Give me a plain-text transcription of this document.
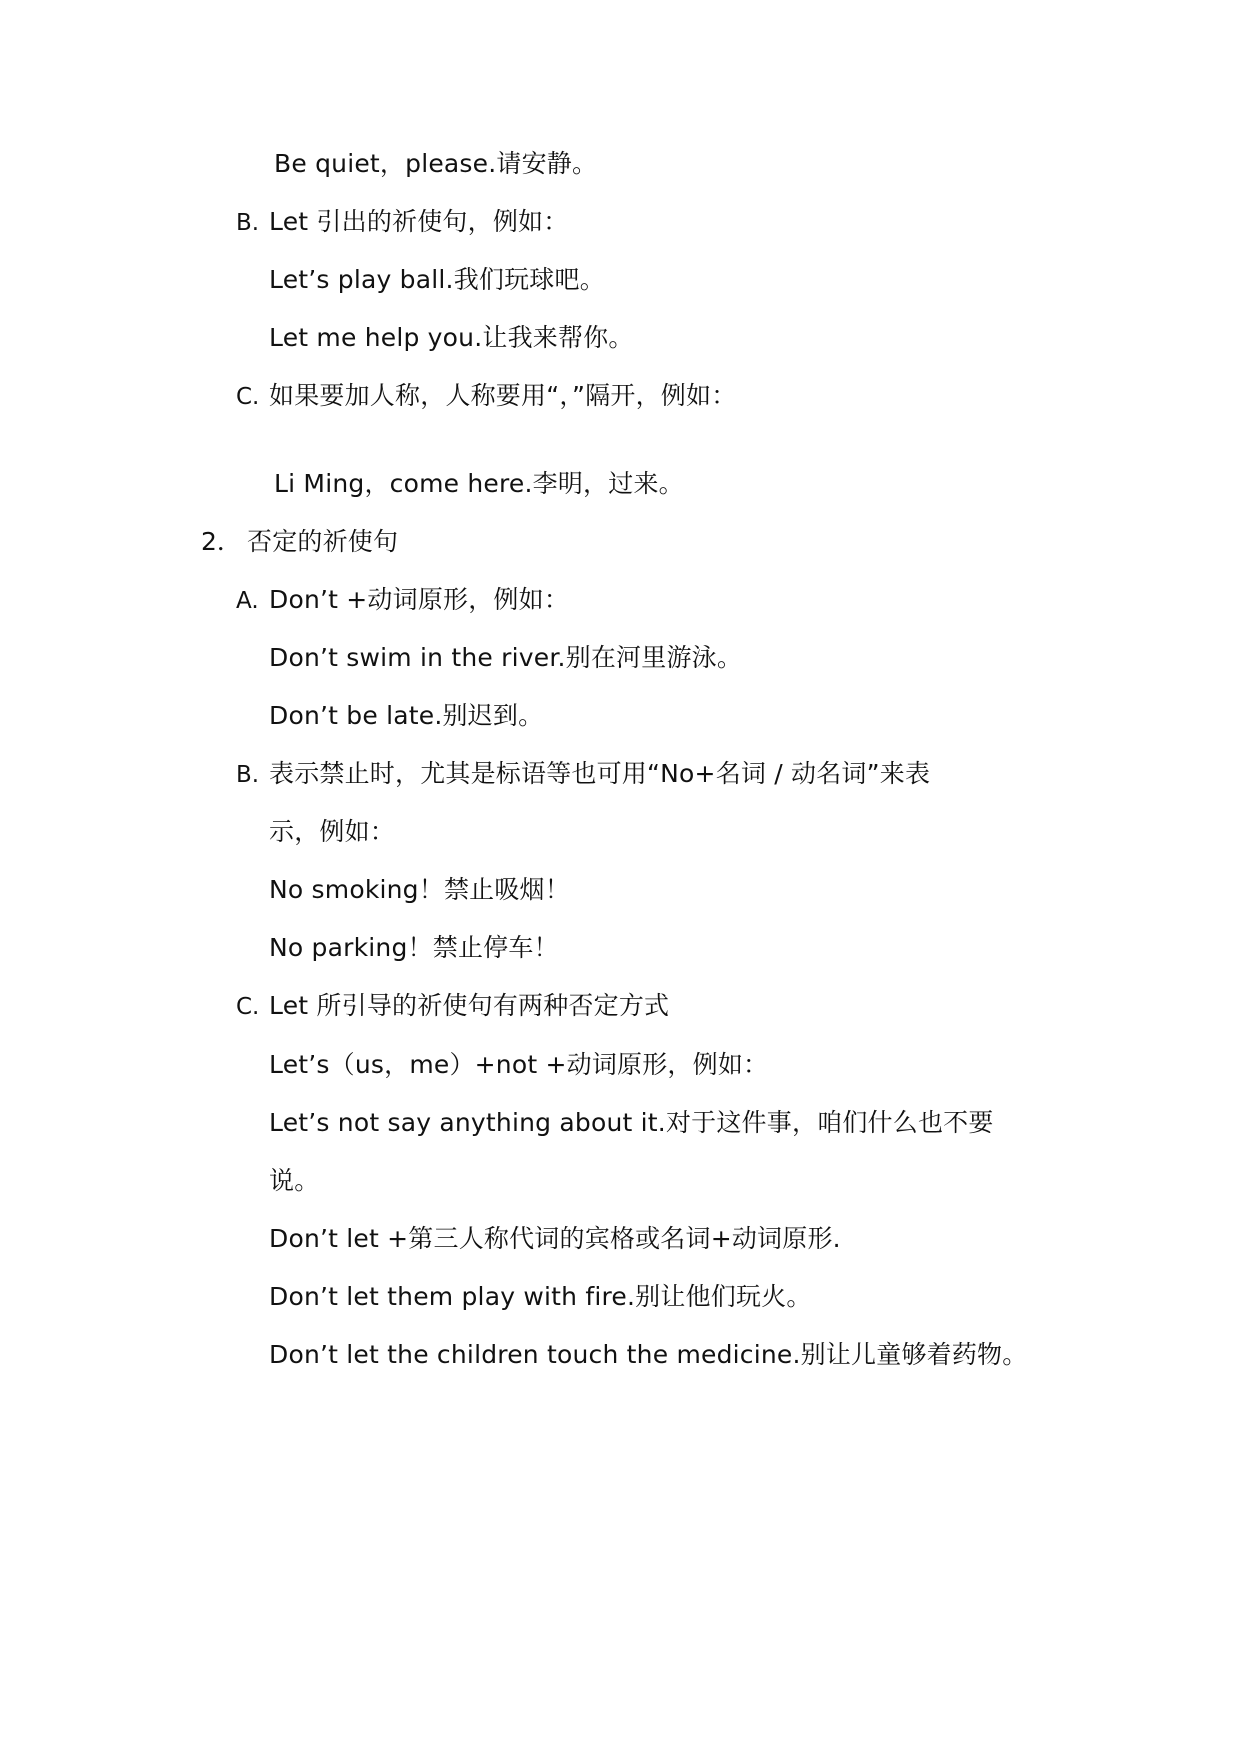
Be quiet，please.请安静。
B. Let 引出的祈使句，例如：
Let’s play ball.我们玩球吧。
Let me help you.让我来帮你。
C. 如果要加人称，人称要用“，”隔开，例如：
Li Ming，come here.李明，过来。
2． 否定的祈使句
A. Don’t +动词原形，例如：
Don’t swim in the river.别在河里游泳。
Don’t be late.别迟到。
B. 表示禁止时，尤其是标语等也可用“No+名词 / 动名词”来表
示，例如：
No smoking！禁止吸烟！
No parking！禁止停车！
C. Let 所引导的祈使句有两种否定方式
Let’s（us，me）+not +动词原形，例如：
Let’s not say anything about it.对于这件事，咱们什么也不要
说。
Don’t let +第三人称代词的宾格或名词+动词原形.
Don’t let them play with fire.别让他们玩火。
Don’t let the children touch the medicine.别让儿童够着药物。
